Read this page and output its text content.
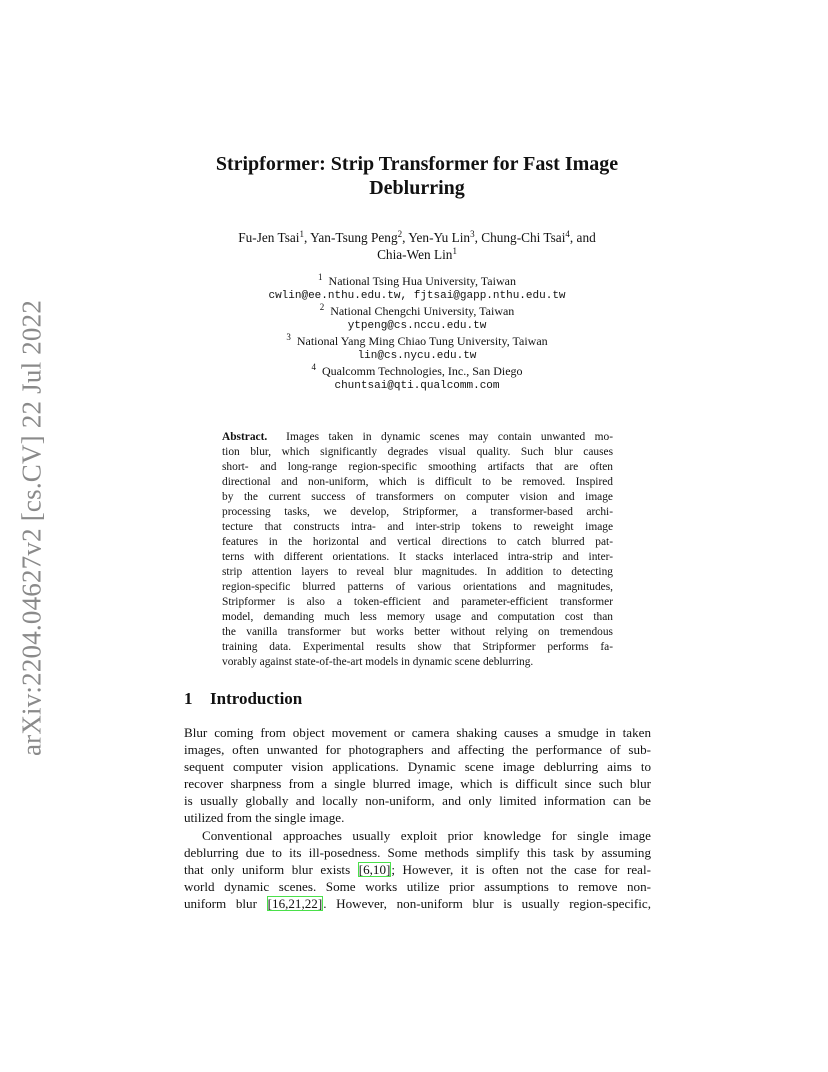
arXiv:2204.04627v2 [cs.CV] 22 Jul 2022
Stripformer: Strip Transformer for Fast Image
Deblurring
Fu-Jen Tsai$^1$, Yan-Tsung Peng$^2$, Yen-Yu Lin$^3$, Chung-Chi Tsai$^4$, and
Chia-Wen Lin$^1$
$^1$ National Tsing Hua University, Taiwan
cwlin@ee.nthu.edu.tw, fjtsai@gapp.nthu.edu.tw
$^2$ National Chengchi University, Taiwan
ytpeng@cs.nccu.edu.tw
$^3$ National Yang Ming Chiao Tung University, Taiwan
lin@cs.nycu.edu.tw
$^4$ Qualcomm Technologies, Inc., San Diego
chuntsai@qti.qualcomm.com
Abstract. Images taken in dynamic scenes may contain unwanted mo-
tion blur, which significantly degrades visual quality. Such blur causes
short- and long-range region-specific smoothing artifacts that are often
directional and non-uniform, which is difficult to be removed. Inspired
by the current success of transformers on computer vision and image
processing tasks, we develop, Stripformer, a transformer-based archi-
tecture that constructs intra- and inter-strip tokens to reweight image
features in the horizontal and vertical directions to catch blurred pat-
terns with different orientations. It stacks interlaced intra-strip and inter-
strip attention layers to reveal blur magnitudes. In addition to detecting
region-specific blurred patterns of various orientations and magnitudes,
Stripformer is also a token-efficient and parameter-efficient transformer
model, demanding much less memory usage and computation cost than
the vanilla transformer but works better without relying on tremendous
training data. Experimental results show that Stripformer performs fa-
vorably against state-of-the-art models in dynamic scene deblurring.
1 Introduction
Blur coming from object movement or camera shaking causes a smudge in taken
images, often unwanted for photographers and affecting the performance of sub-
sequent computer vision applications. Dynamic scene image deblurring aims to
recover sharpness from a single blurred image, which is difficult since such blur
is usually globally and locally non-uniform, and only limited information can be
utilized from the single image.
Conventional approaches usually exploit prior knowledge for single image
deblurring due to its ill-posedness. Some methods simplify this task by assuming
that only uniform blur exists [6,10]; However, it is often not the case for real-
world dynamic scenes. Some works utilize prior assumptions to remove non-
uniform blur [16,21,22]. However, non-uniform blur is usually region-specific,
